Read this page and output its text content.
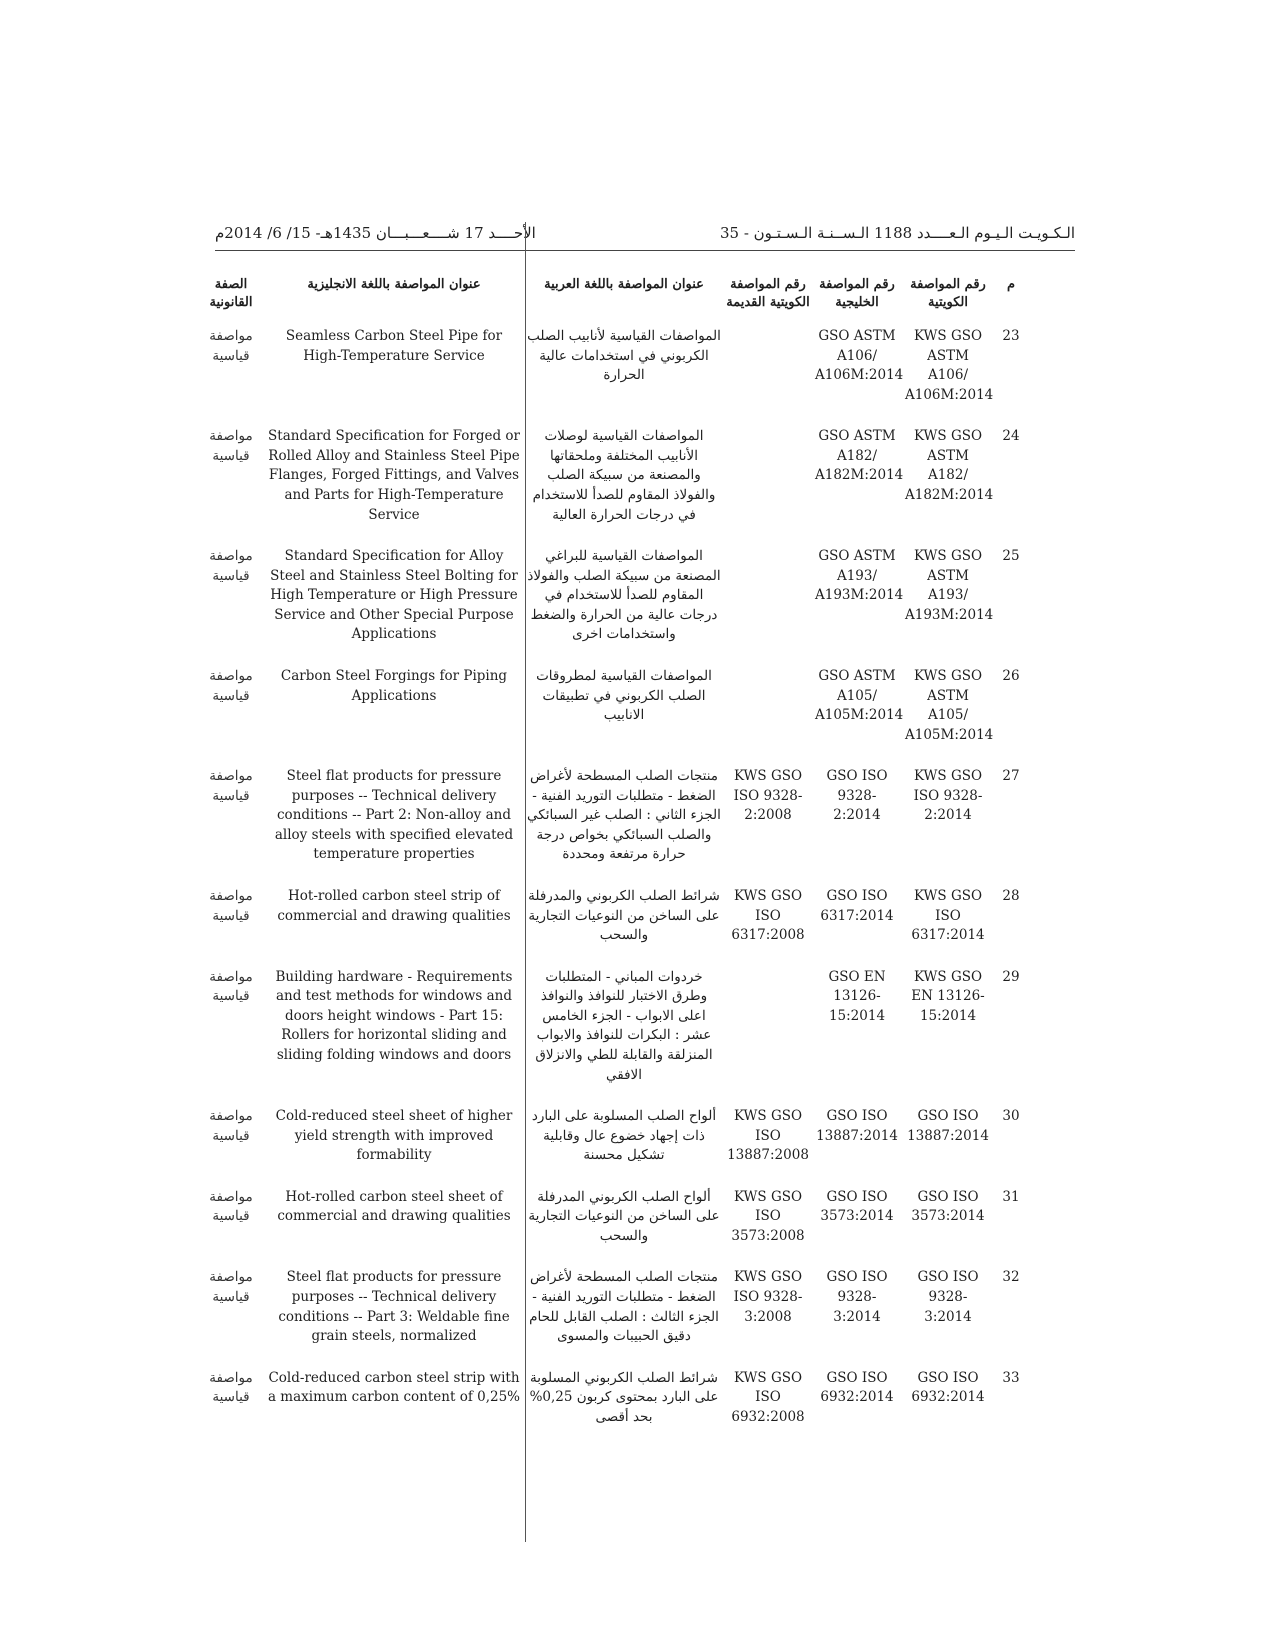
الأحــــد 17 شــــعـــبـــان 1435هـ- 15/ 6/ 2014م	الـكـويـت الـيـوم الـعــــدد 1188 الـســنـة الـسـتـون - 35
الصفة القانونية	عنوان المواصفة باللغة الانجليزية	عنوان المواصفة باللغة العربية	رقم المواصفة الكويتية القديمة	رقم المواصفة الخليجية	رقم المواصفة الكويتية	م
مواصفة قياسية	Seamless Carbon Steel Pipe for High-Temperature Service	المواصفات القياسية لأنابيب الصلب الكربوني في استخدامات عالية الحرارة		GSO ASTM A106/ A106M:2014	KWS GSO ASTM A106/ A106M:2014	23
مواصفة قياسية	Standard Specification for Forged or Rolled Alloy and Stainless Steel Pipe Flanges, Forged Fittings, and Valves and Parts for High-Temperature Service	المواصفات القياسية لوصلات الأنابيب المختلفة وملحقاتها والمصنعة من سبيكة الصلب والفولاذ المقاوم للصدأ للاستخدام في درجات الحرارة العالية		GSO ASTM A182/ A182M:2014	KWS GSO ASTM A182/ A182M:2014	24
مواصفة قياسية	Standard Specification for Alloy Steel and Stainless Steel Bolting for High Temperature or High Pressure Service and Other Special Purpose Applications	المواصفات القياسية للبراغي المصنعة من سبيكة الصلب والفولاذ المقاوم للصدأ للاستخدام في درجات عالية من الحرارة والضغط واستخدامات اخرى		GSO ASTM A193/ A193M:2014	KWS GSO ASTM A193/ A193M:2014	25
مواصفة قياسية	Carbon Steel Forgings for Piping Applications	المواصفات القياسية لمطروقات الصلب الكربوني في تطبيقات الانابيب		GSO ASTM A105/ A105M:2014	KWS GSO ASTM A105/ A105M:2014	26
مواصفة قياسية	Steel flat products for pressure purposes -- Technical delivery conditions -- Part 2: Non-alloy and alloy steels with specified elevated temperature properties	منتجات الصلب المسطحة لأغراض الضغط - متطلبات التوريد الفنية - الجزء الثاني : الصلب غير السبائكي والصلب السبائكي بخواص درجة حرارة مرتفعة ومحددة	KWS GSO ISO 9328-2:2008	GSO ISO 9328-2:2014	KWS GSO ISO 9328-2:2014	27
مواصفة قياسية	Hot-rolled carbon steel strip of commercial and drawing qualities	شرائط الصلب الكربوني والمدرفلة على الساخن من النوعيات التجارية والسحب	KWS GSO ISO 6317:2008	GSO ISO 6317:2014	KWS GSO ISO 6317:2014	28
مواصفة قياسية	Building hardware - Requirements and test methods for windows and doors height windows - Part 15: Rollers for horizontal sliding and sliding folding windows and doors	خردوات المباني - المتطلبات وطرق الاختبار للنوافذ والنوافذ اعلى الابواب - الجزء الخامس عشر : البكرات للنوافذ والابواب المنزلقة والقابلة للطي والانزلاق الافقي		GSO EN 13126-15:2014	KWS GSO EN 13126-15:2014	29
مواصفة قياسية	Cold-reduced steel sheet of higher yield strength with improved formability	ألواح الصلب المسلوبة على البارد ذات إجهاد خضوع عال وقابلية تشكيل محسنة	KWS GSO ISO 13887:2008	GSO ISO 13887:2014	GSO ISO 13887:2014	30
مواصفة قياسية	Hot-rolled carbon steel sheet of commercial and drawing qualities	ألواح الصلب الكربوني المدرفلة على الساخن من النوعيات التجارية والسحب	KWS GSO ISO 3573:2008	GSO ISO 3573:2014	GSO ISO 3573:2014	31
مواصفة قياسية	Steel flat products for pressure purposes -- Technical delivery conditions -- Part 3: Weldable fine grain steels, normalized	منتجات الصلب المسطحة لأغراض الضغط - متطلبات التوريد الفنية - الجزء الثالث : الصلب القابل للحام دقيق الحبيبات والمسوى	KWS GSO ISO 9328-3:2008	GSO ISO 9328-3:2014	GSO ISO 9328-3:2014	32
مواصفة قياسية	Cold-reduced carbon steel strip with a maximum carbon content of 0,25%	شرائط الصلب الكربوني المسلوبة على البارد بمحتوى كربون 0,25% بحد أقصى	KWS GSO ISO 6932:2008	GSO ISO 6932:2014	GSO ISO 6932:2014	33
